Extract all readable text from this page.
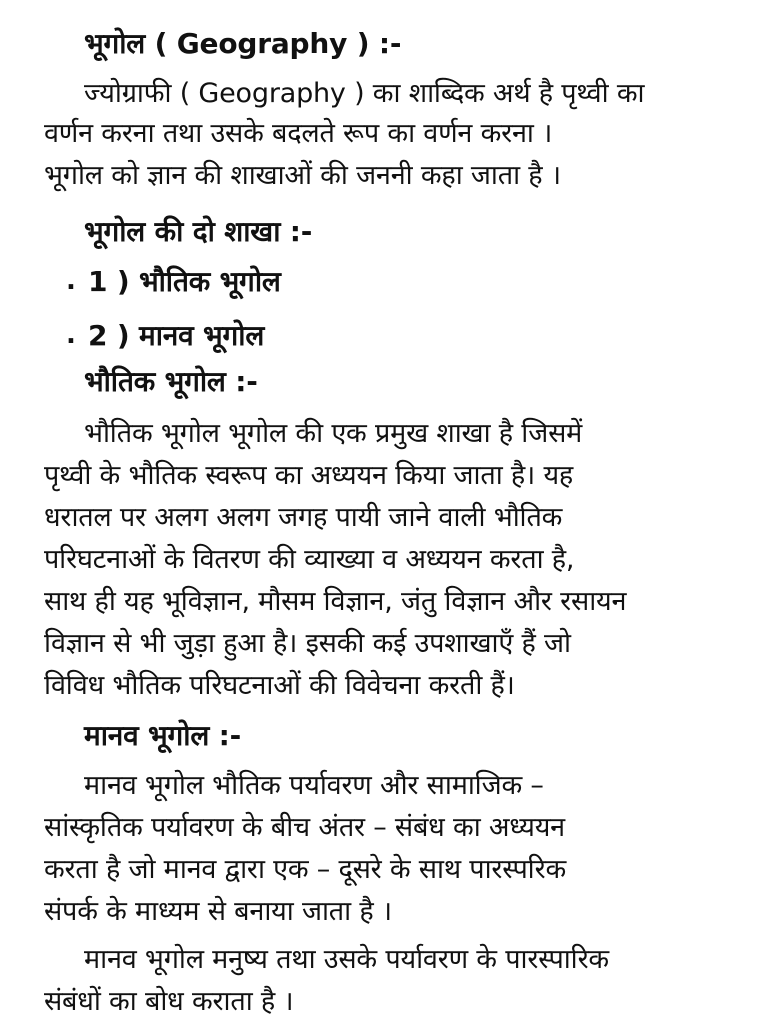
भूगोल ( Geography ) :-
ज्योग्राफी ( Geography ) का शाब्दिक अर्थ है पृथ्वी का
वर्णन करना तथा उसके बदलते रूप का वर्णन करना ।
भूगोल को ज्ञान की शाखाओं की जननी कहा जाता है ।
भूगोल की दो शाखा :-
. 1 ) भौतिक भूगोल
. 2 ) मानव भूगोल
भौतिक भूगोल :-
भौतिक भूगोल भूगोल की एक प्रमुख शाखा है जिसमें
पृथ्वी के भौतिक स्वरूप का अध्ययन किया जाता है। यह
धरातल पर अलग अलग जगह पायी जाने वाली भौतिक
परिघटनाओं के वितरण की व्याख्या व अध्ययन करता है,
साथ ही यह भूविज्ञान, मौसम विज्ञान, जंतु विज्ञान और रसायन
विज्ञान से भी जुड़ा हुआ है। इसकी कई उपशाखाएँ हैं जो
विविध भौतिक परिघटनाओं की विवेचना करती हैं।
मानव भूगोल :-
मानव भूगोल भौतिक पर्यावरण और सामाजिक –
सांस्कृतिक पर्यावरण के बीच अंतर – संबंध का अध्ययन
करता है जो मानव द्वारा एक – दूसरे के साथ पारस्परिक
संपर्क के माध्यम से बनाया जाता है ।
मानव भूगोल मनुष्य तथा उसके पर्यावरण के पारस्पारिक
संबंधों का बोध कराता है ।
